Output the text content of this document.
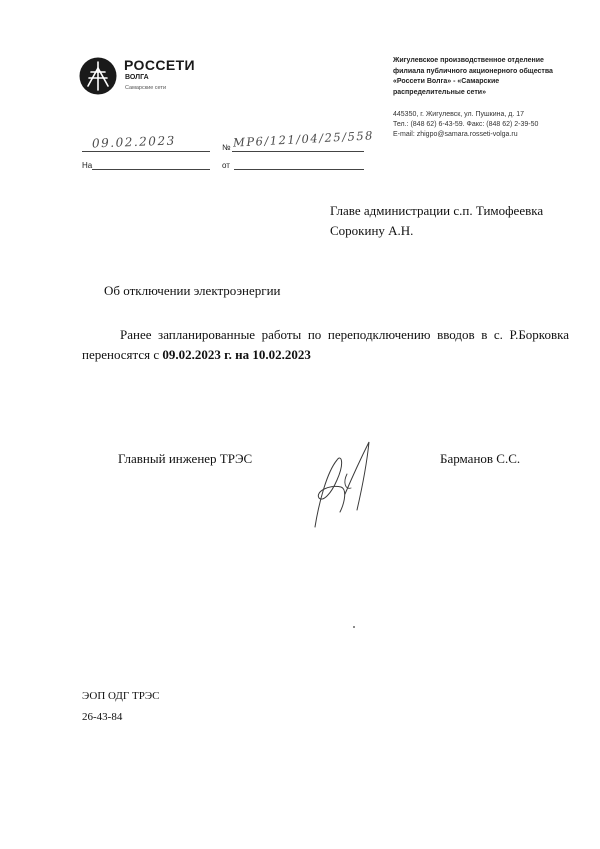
РОССЕТИ
ВОЛГА
Самарские сети
Жигулевское производственное отделение
филиала публичного акционерного общества
«Россети Волга» - «Самарские
распределительные сети»
445350, г. Жигулевск, ул. Пушкина, д. 17
Тел.: (848 62) 6-43-59. Факс: (848 62) 2-39-50
E-mail: zhigpo@samara.rosseti-volga.ru
09.02.2023	№ МР6/121/04/25/558
На	от
Главе администрации с.п. Тимофеевка
Сорокину А.Н.
Об отключении электроэнергии
Ранее запланированные работы по переподключению вводов в с. Р.Борковка
переносятся с 09.02.2023 г. на 10.02.2023
Главный инженер ТРЭС	Барманов С.С.
ЭОП ОДГ ТРЭС
26-43-84
